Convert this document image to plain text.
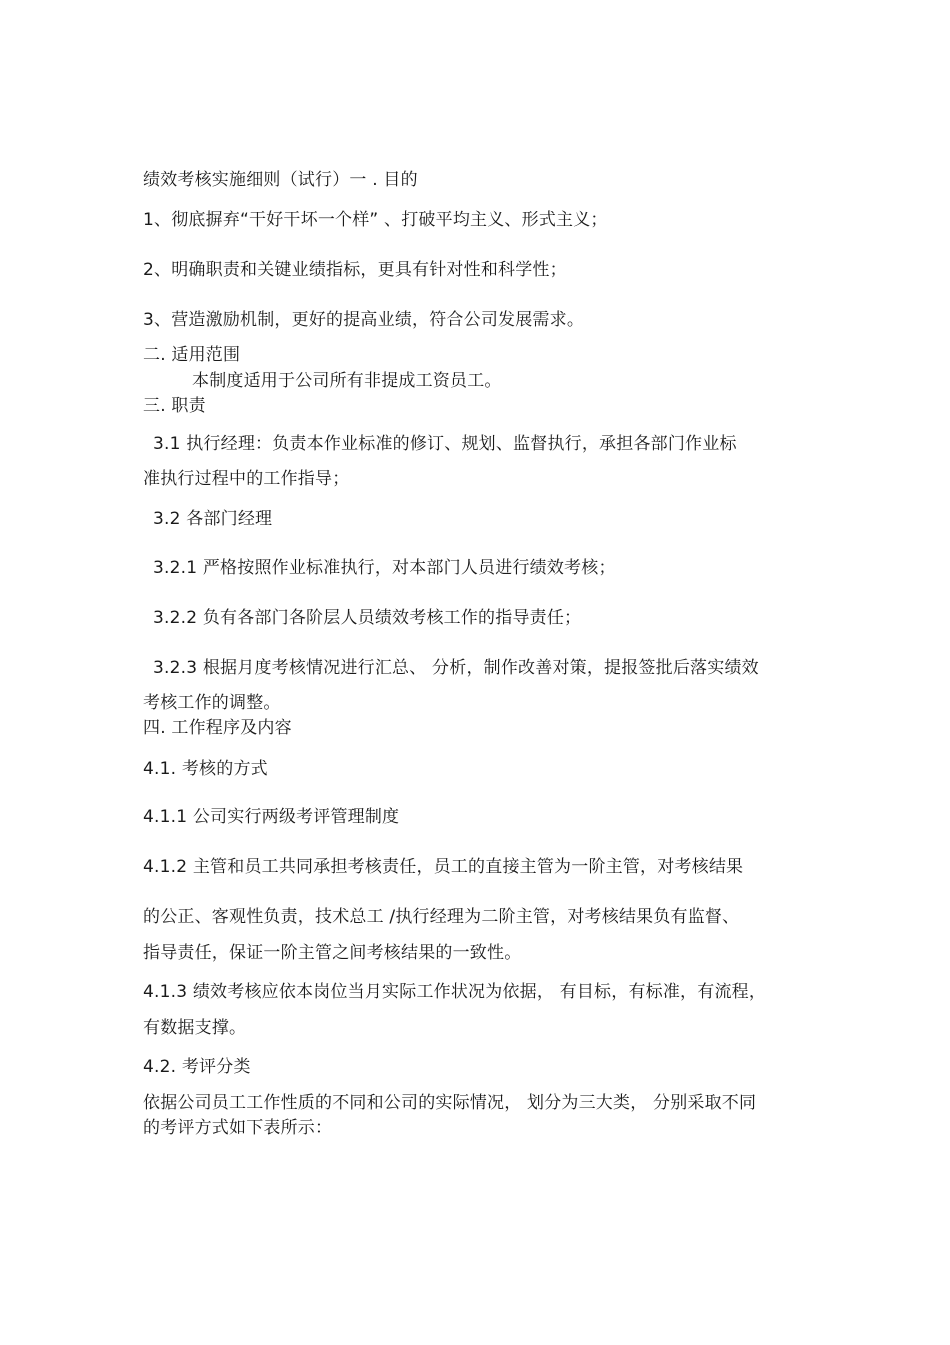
绩效考核实施细则（试行）一 . 目的
1、彻底摒弃“干好干坏一个样” 、打破平均主义、形式主义；
2、明确职责和关键业绩指标，更具有针对性和科学性；
3、营造激励机制，更好的提高业绩，符合公司发展需求。
二. 适用范围
本制度适用于公司所有非提成工资员工。
三. 职责
3.1 执行经理：负责本作业标准的修订、规划、监督执行，承担各部门作业标
准执行过程中的工作指导；
3.2 各部门经理
3.2.1 严格按照作业标准执行，对本部门人员进行绩效考核；
3.2.2 负有各部门各阶层人员绩效考核工作的指导责任；
3.2.3 根据月度考核情况进行汇总、 分析，制作改善对策，提报签批后落实绩效
考核工作的调整。
四. 工作程序及内容
4.1. 考核的方式
4.1.1 公司实行两级考评管理制度
4.1.2 主管和员工共同承担考核责任，员工的直接主管为一阶主管，对考核结果
的公正、客观性负责，技术总工 /执行经理为二阶主管，对考核结果负有监督、
指导责任，保证一阶主管之间考核结果的一致性。
4.1.3 绩效考核应依本岗位当月实际工作状况为依据， 有目标，有标准，有流程，
有数据支撑。
4.2. 考评分类
依据公司员工工作性质的不同和公司的实际情况， 划分为三大类， 分别采取不同
的考评方式如下表所示：
